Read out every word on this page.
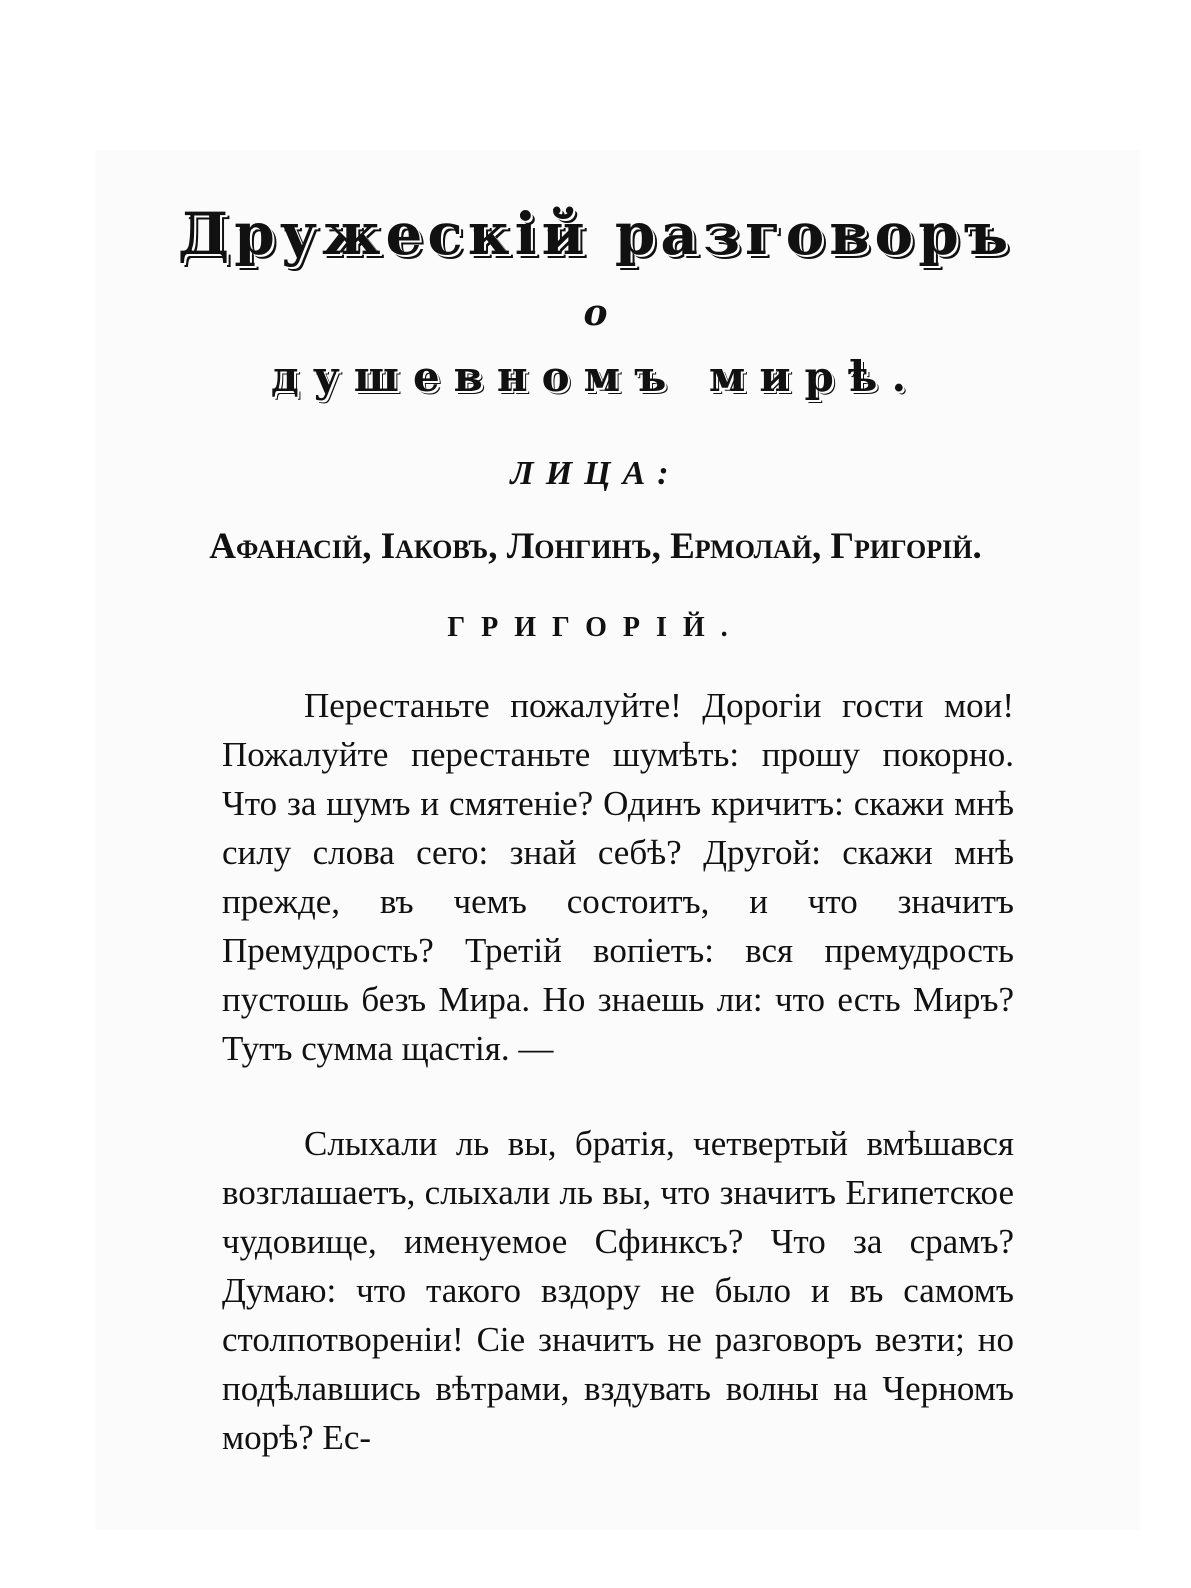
Дружескій разговоръ
о
душевномъ мирѣ.
ЛИЦА:
Афанасій, Іаковъ, Лонгинъ, Ермолай, Григорій.
ГРИГОРІЙ.
Перестаньте пожалуйте! Дорогіи гости мои! Пожалуйте перестаньте шумѣть: прошу покорно. Что за шумъ и смятеніе? Одинъ кричитъ: скажи мнѣ силу слова сего: знай себѣ? Другой: скажи мнѣ прежде, въ чемъ состоитъ, и что значитъ Премудрость? Третій вопіетъ: вся премудрость пустошь безъ Мира. Но знаешь ли: что есть Миръ? Тутъ сумма щастія. —
Слыхали ль вы, братія, четвертый вмѣшався возглашаетъ, слыхали ль вы, что значитъ Египетское чудовище, именуемое Сфинксъ? Что за срамъ? Думаю: что такого вздору не было и въ самомъ столпотвореніи! Сіе значитъ не разговоръ везти; но подѣлавшись вѣтрами, вздувать волны на Черномъ морѣ? Ес-
